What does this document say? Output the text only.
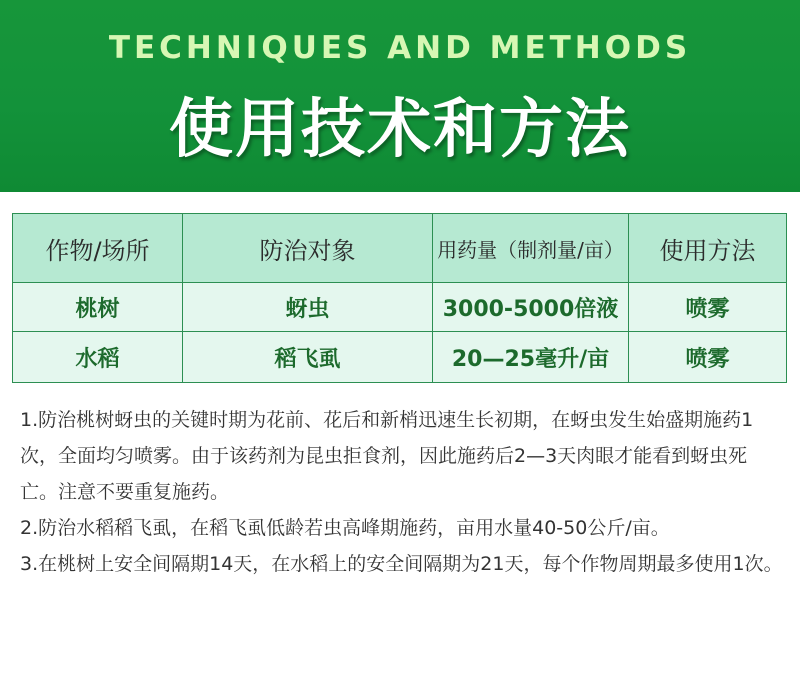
TECHNIQUES AND METHODS
使用技术和方法
作物/场所	防治对象	用药量（制剂量/亩）	使用方法
桃树	蚜虫	3000-5000倍液	喷雾
水稻	稻飞虱	20—25毫升/亩	喷雾

1.防治桃树蚜虫的关键时期为花前、花后和新梢迅速生长初期，在蚜虫发生始盛期施药1次，全面均匀喷雾。由于该药剂为昆虫拒食剂，因此施药后2—3天肉眼才能看到蚜虫死亡。注意不要重复施药。

2.防治水稻稻飞虱，在稻飞虱低龄若虫高峰期施药，亩用水量40-50公斤/亩。

3.在桃树上安全间隔期14天，在水稻上的安全间隔期为21天，每个作物周期最多使用1次。
